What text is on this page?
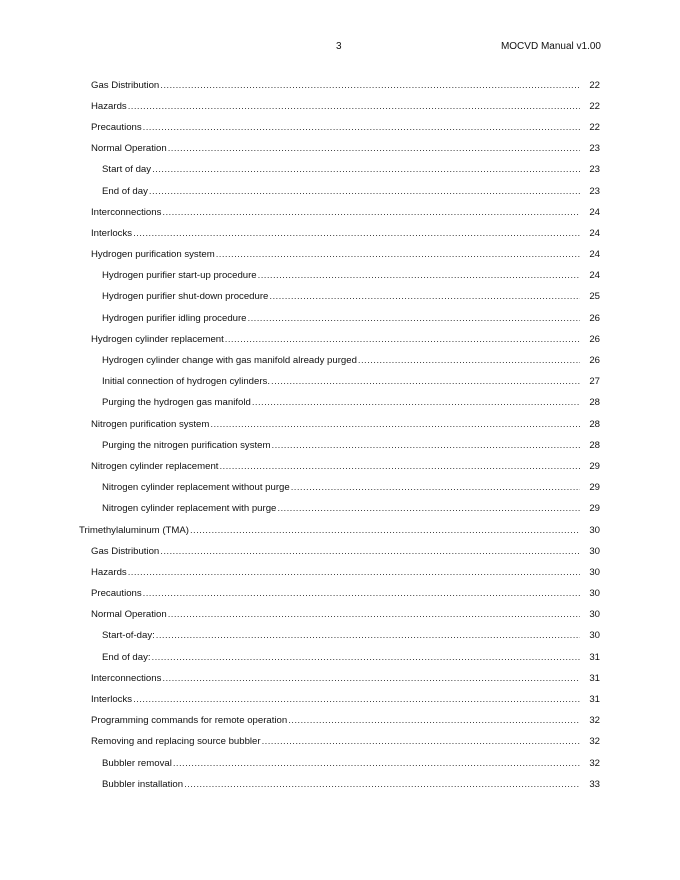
3	MOCVD Manual v1.00
Gas Distribution .....	22
Hazards .....	22
Precautions .....	22
Normal Operation .....	23
Start of day .....	23
End of day .....	23
Interconnections .....	24
Interlocks .....	24
Hydrogen purification system .....	24
Hydrogen purifier start-up procedure .....	24
Hydrogen purifier shut-down procedure .....	25
Hydrogen purifier idling procedure .....	26
Hydrogen cylinder replacement .....	26
Hydrogen cylinder change with gas manifold already purged .....	26
Initial connection of hydrogen cylinders. .....	27
Purging the hydrogen gas manifold .....	28
Nitrogen purification system .....	28
Purging the nitrogen purification system .....	28
Nitrogen cylinder replacement .....	29
Nitrogen cylinder replacement without purge .....	29
Nitrogen cylinder replacement with purge .....	29
Trimethylaluminum (TMA) .....	30
Gas Distribution .....	30
Hazards .....	30
Precautions .....	30
Normal Operation .....	30
Start-of-day: .....	30
End of day: .....	31
Interconnections .....	31
Interlocks .....	31
Programming commands for remote operation .....	32
Removing and replacing source bubbler .....	32
Bubbler removal .....	32
Bubbler installation .....	33
